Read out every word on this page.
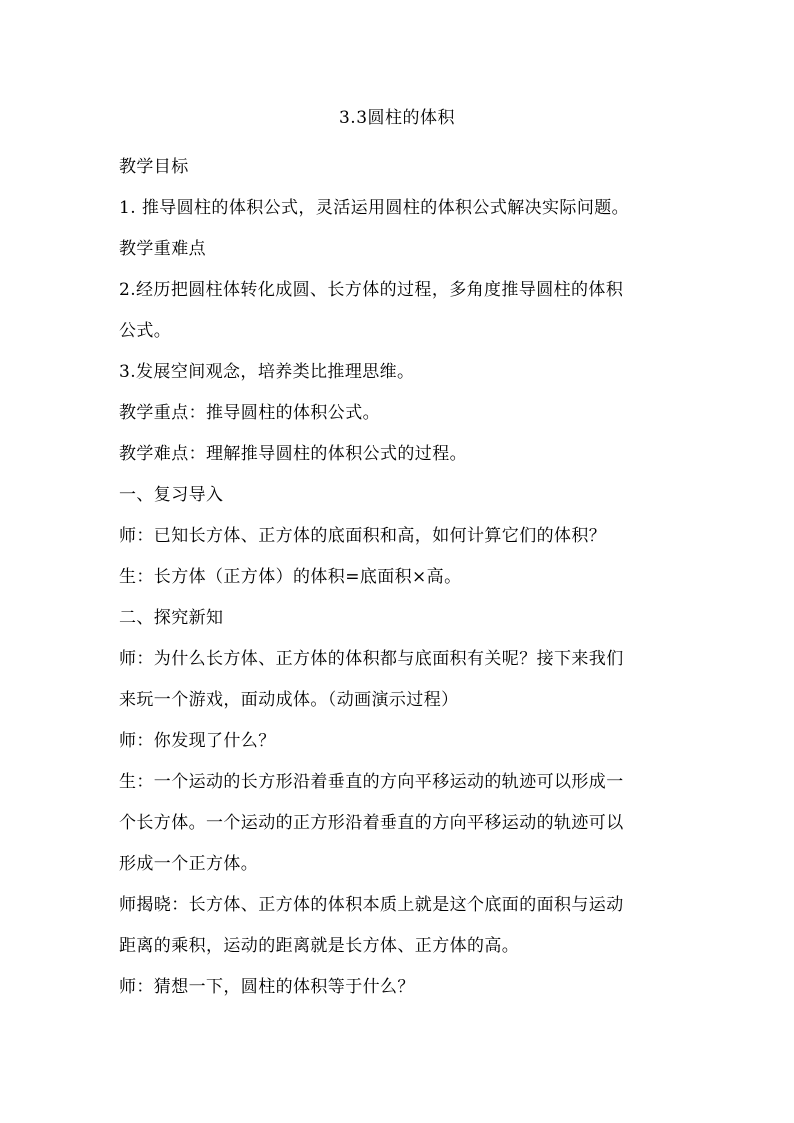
3.3圆柱的体积
教学目标
1. 推导圆柱的体积公式，灵活运用圆柱的体积公式解决实际问题。
教学重难点
2.经历把圆柱体转化成圆、长方体的过程，多角度推导圆柱的体积
公式。
3.发展空间观念，培养类比推理思维。
教学重点：推导圆柱的体积公式。
教学难点：理解推导圆柱的体积公式的过程。
一、复习导入
师：已知长方体、正方体的底面积和高，如何计算它们的体积？
生：长方体（正方体）的体积=底面积×高。
二、探究新知
师：为什么长方体、正方体的体积都与底面积有关呢？接下来我们
来玩一个游戏，面动成体。（动画演示过程）
师：你发现了什么？
生：一个运动的长方形沿着垂直的方向平移运动的轨迹可以形成一
个长方体。一个运动的正方形沿着垂直的方向平移运动的轨迹可以
形成一个正方体。
师揭晓：长方体、正方体的体积本质上就是这个底面的面积与运动
距离的乘积，运动的距离就是长方体、正方体的高。
师：猜想一下，圆柱的体积等于什么？
